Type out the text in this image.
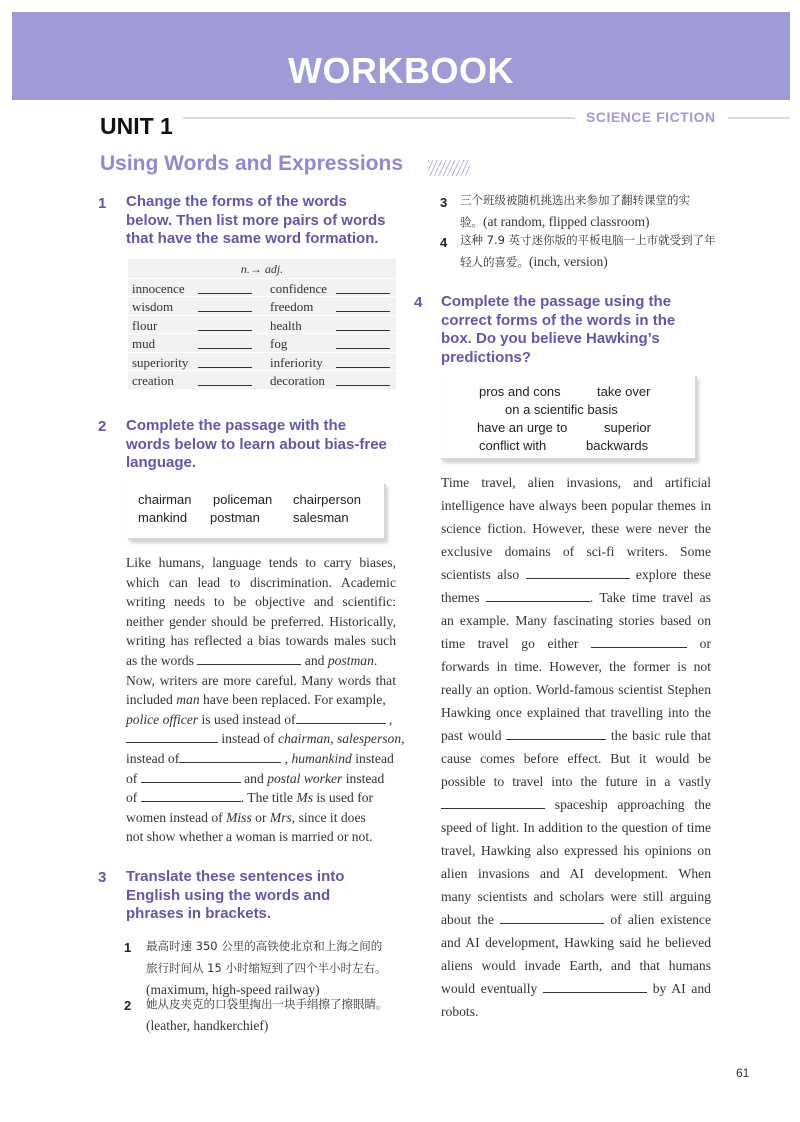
WORKBOOK
UNIT 1	SCIENCE FICTION
Using Words and Expressions
1 Change the forms of the words
below. Then list more pairs of words
that have the same word formation.
n.→ adj.
innocence	confidence
wisdom	freedom
flour	health
mud	fog
superiority	inferiority
creation	decoration
2 Complete the passage with the
words below to learn about bias-free
language.
chairman policeman chairperson
mankind postman	salesman
Like humans, language tends to carry biases,
which can lead to discrimination. Academic
writing needs to be objective and scientific:
neither gender should be preferred. Historically,
writing has reflected a bias towards males such
as the words	and postman.
Now, writers are more careful. Many words that
included man have been replaced. For example,
police officer is used instead of	,
instead of chairman, salesperson,
instead of	, humankind instead
of	and postal worker instead
of	. The title Ms is used for
women instead of Miss or Mrs, since it does
not show whether a woman is married or not.
3 Translate these sentences into
English using the words and
phrases in brackets.
1 最高时速 350 公里的高铁使北京和上海之间的
旅行时间从 15 小时缩短到了四个半小时左右。
(maximum, high-speed railway)
2 她从皮夹克的口袋里掏出一块手绢擦了擦眼睛。
(leather, handkerchief)
3 三个班级被随机挑选出来参加了翻转课堂的实
验。(at random, flipped classroom)
4 这种 7.9 英寸迷你版的平板电脑一上市就受到了年
轻人的喜爱。(inch, version)
4 Complete the passage using the
correct forms of the words in the
box. Do you believe Hawking’s
predictions?
pros and cons	take over
on a scientific basis
have an urge to	superior
conflict with	backwards
Time travel, alien invasions, and artificial
intelligence have always been popular themes in
science fiction. However, these were never the
exclusive domains of sci-fi writers. Some
scientists also	explore these
themes	. Take time travel as
an example. Many fascinating stories based on
time travel go either	or
forwards in time. However, the former is not
really an option. World-famous scientist Stephen
Hawking once explained that travelling into the
past would	the basic rule that
cause comes before effect. But it would be
possible to travel into the future in a vastly
spaceship approaching the
speed of light. In addition to the question of time
travel, Hawking also expressed his opinions on
alien invasions and AI development. When
many scientists and scholars were still arguing
about the	of alien existence
and AI development, Hawking said he believed
aliens would invade Earth, and that humans
would eventually	by AI and
robots.
61
